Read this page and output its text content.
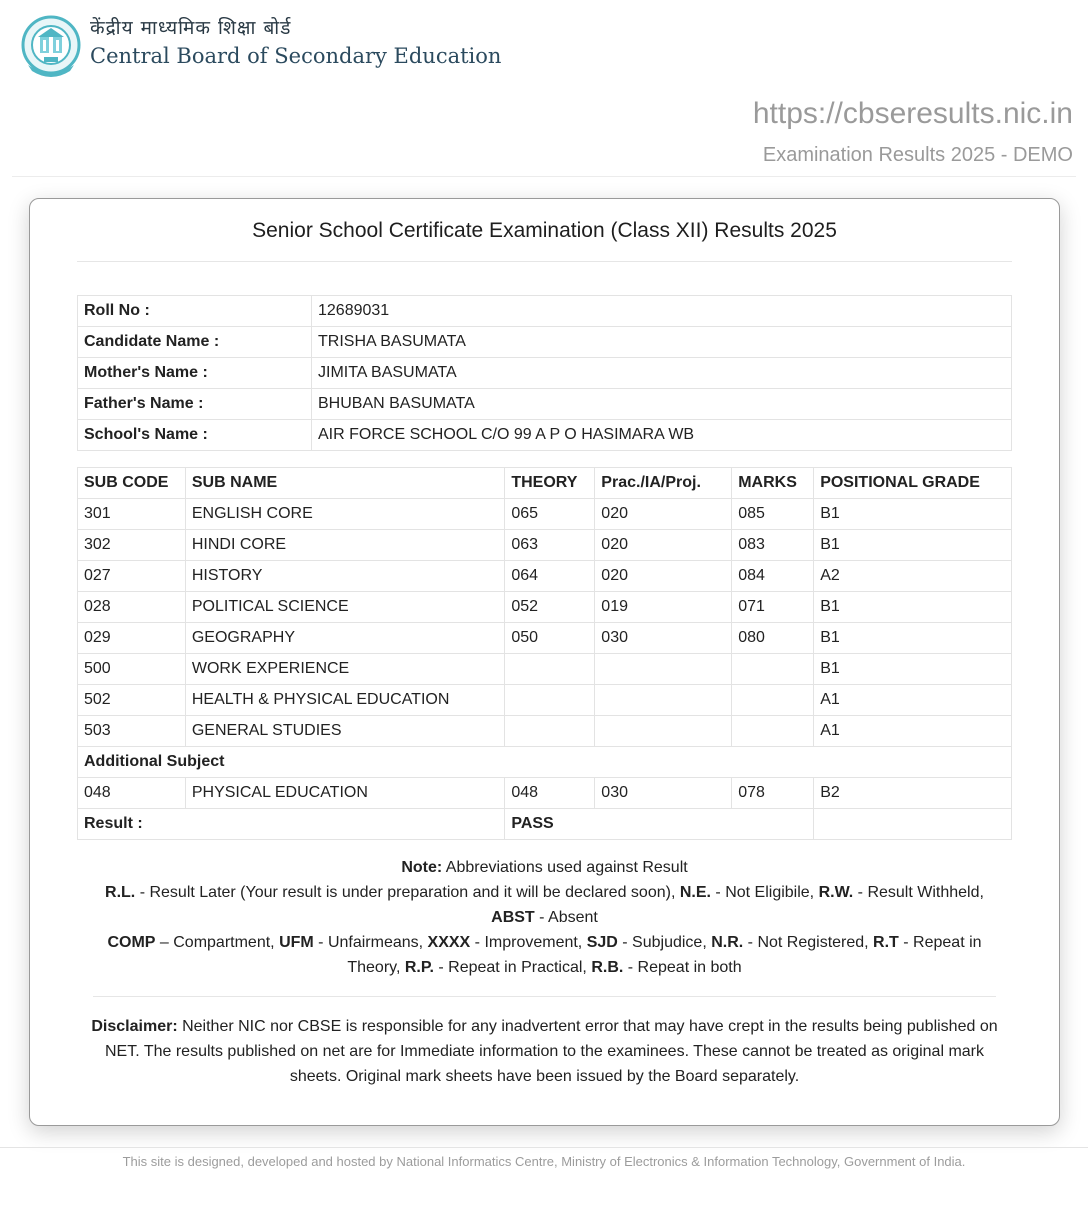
केंद्रीय माध्यमिक शिक्षा बोर्ड
Central Board of Secondary Education
https://cbseresults.nic.in
Examination Results 2025 - DEMO
Senior School Certificate Examination (Class XII) Results 2025
Roll No :	12689031
Candidate Name :	TRISHA BASUMATA
Mother's Name :	JIMITA BASUMATA
Father's Name :	BHUBAN BASUMATA
School's Name :	AIR FORCE SCHOOL C/O 99 A P O HASIMARA WB
SUB CODE	SUB NAME	THEORY	Prac./IA/Proj.	MARKS	POSITIONAL GRADE
301	ENGLISH CORE	065	020	085	B1
302	HINDI CORE	063	020	083	B1
027	HISTORY	064	020	084	A2
028	POLITICAL SCIENCE	052	019	071	B1
029	GEOGRAPHY	050	030	080	B1
500	WORK EXPERIENCE				B1
502	HEALTH & PHYSICAL EDUCATION				A1
503	GENERAL STUDIES				A1
Additional Subject					
048	PHYSICAL EDUCATION	048	030	078	B2
Result :		PASS			
Note: Abbreviations used against Result
R.L. - Result Later (Your result is under preparation and it will be declared soon), N.E. - Not Eligibile, R.W. - Result Withheld, ABST - Absent
COMP – Compartment, UFM - Unfairmeans, XXXX - Improvement, SJD - Subjudice, N.R. - Not Registered, R.T - Repeat in Theory, R.P. - Repeat in Practical, R.B. - Repeat in both
Disclaimer: Neither NIC nor CBSE is responsible for any inadvertent error that may have crept in the results being published on NET. The results published on net are for Immediate information to the examinees. These cannot be treated as original mark sheets. Original mark sheets have been issued by the Board separately.
This site is designed, developed and hosted by National Informatics Centre, Ministry of Electronics & Information Technology, Government of India.
